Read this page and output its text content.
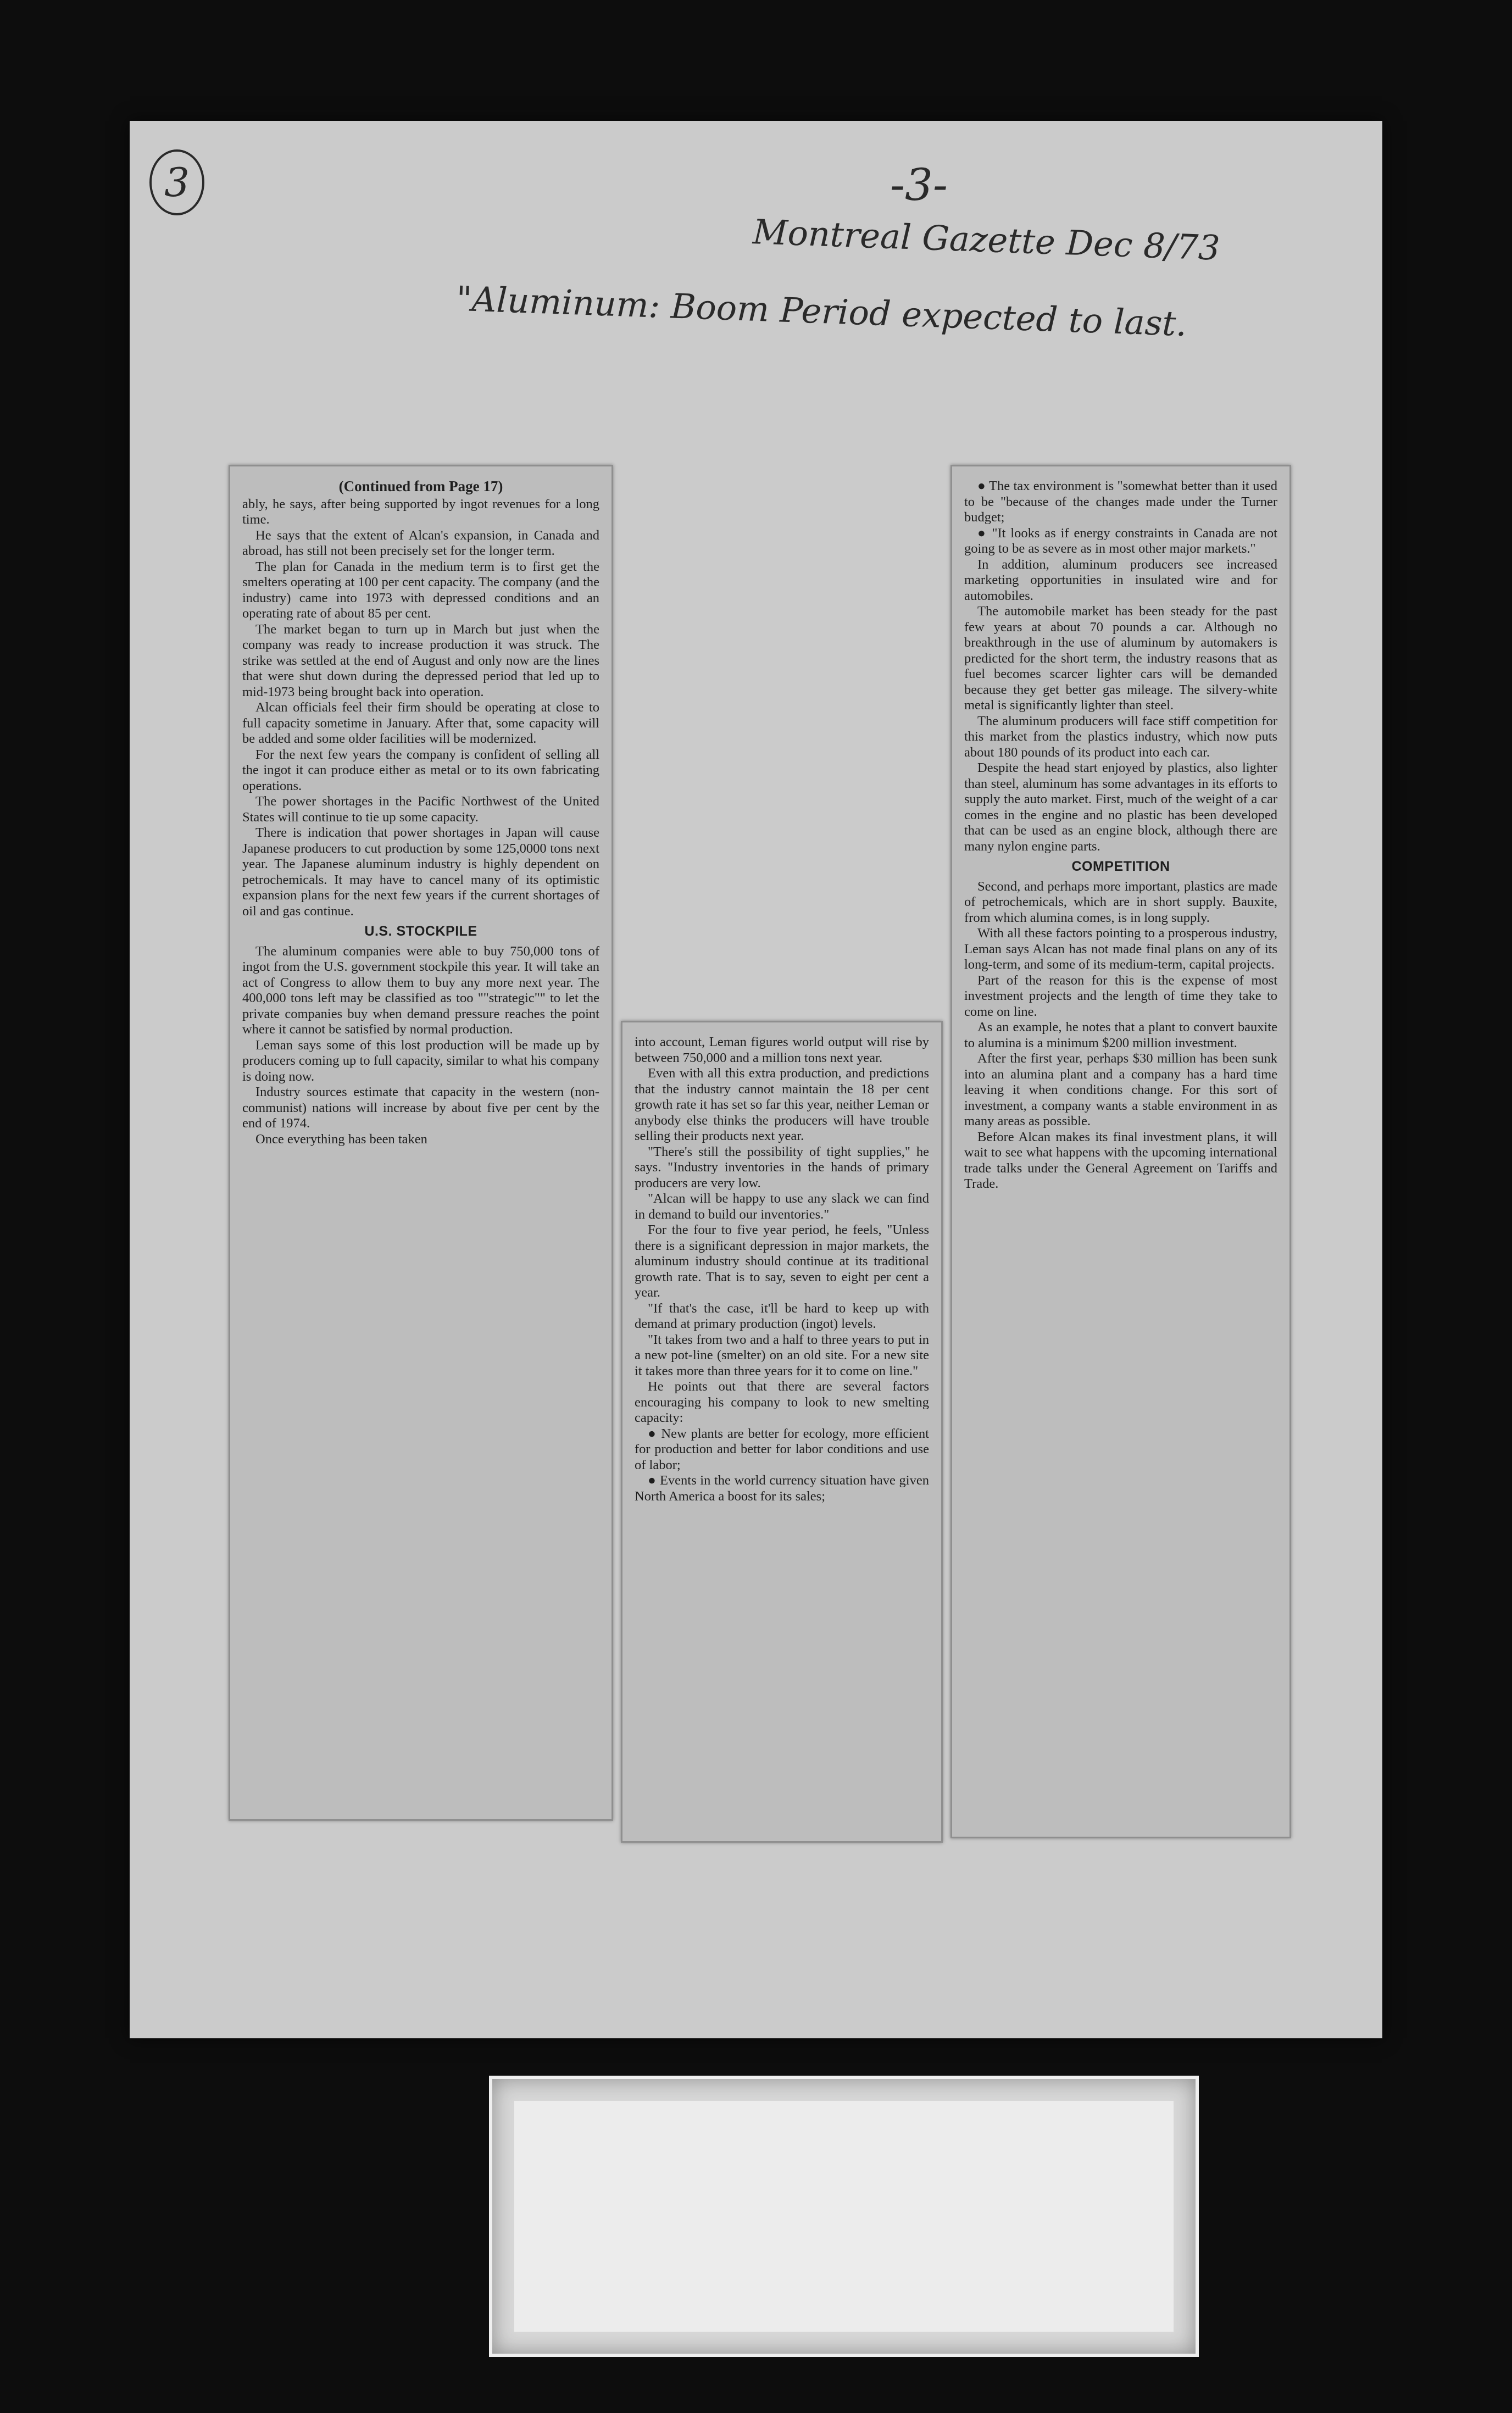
3	-3-
Montreal Gazette Dec 8/73
"Aluminum: Boom Period expected to last.

(Continued from Page 17)

ably, he says, after being supported by ingot revenues for a long time.

He says that the extent of Alcan's expansion, in Canada and abroad, has still not been precisely set for the longer term.

The plan for Canada in the medium term is to first get the smelters operating at 100 per cent capacity. The company (and the industry) came into 1973 with depressed conditions and an operating rate of about 85 per cent.

The market began to turn up in March but just when the company was ready to increase production it was struck. The strike was settled at the end of August and only now are the lines that were shut down during the depressed period that led up to mid-1973 being brought back into operation.

Alcan officials feel their firm should be operating at close to full capacity sometime in January. After that, some capacity will be added and some older facilities will be modernized.

For the next few years the company is confident of selling all the ingot it can produce either as metal or to its own fabricating operations.

The power shortages in the Pacific Northwest of the United States will continue to tie up some capacity.

There is indication that power shortages in Japan will cause Japanese producers to cut production by some 125,0000 tons next year. The Japanese aluminum industry is highly dependent on petrochemicals. It may have to cancel many of its optimistic expansion plans for the next few years if the current shortages of oil and gas continue.

U.S. STOCKPILE

The aluminum companies were able to buy 750,000 tons of ingot from the U.S. government stockpile this year. It will take an act of Congress to allow them to buy any more next year. The 400,000 tons left may be classified as too ""strategic"" to let the private companies buy when demand pressure reaches the point where it cannot be satisfied by normal production.

Leman says some of this lost production will be made up by producers coming up to full capacity, similar to what his company is doing now.

Industry sources estimate that capacity in the western (non-communist) nations will increase by about five per cent by the end of 1974.

Once everything has been taken

into account, Leman figures world output will rise by between 750,000 and a million tons next year.

Even with all this extra production, and predictions that the industry cannot maintain the 18 per cent growth rate it has set so far this year, neither Leman or anybody else thinks the producers will have trouble selling their products next year.

"There's still the possibility of tight supplies," he says. "Industry inventories in the hands of primary producers are very low.

"Alcan will be happy to use any slack we can find in demand to build our inventories."

For the four to five year period, he feels, "Unless there is a significant depression in major markets, the aluminum industry should continue at its traditional growth rate. That is to say, seven to eight per cent a year.

"If that's the case, it'll be hard to keep up with demand at primary production (ingot) levels.

"It takes from two and a half to three years to put in a new pot-line (smelter) on an old site. For a new site it takes more than three years for it to come on line."

He points out that there are several factors encouraging his company to look to new smelting capacity:

● New plants are better for ecology, more efficient for production and better for labor conditions and use of labor;

● Events in the world currency situation have given North America a boost for its sales;

● The tax environment is "somewhat better than it used to be "because of the changes made under the Turner budget;

● "It looks as if energy constraints in Canada are not going to be as severe as in most other major markets."

In addition, aluminum producers see increased marketing opportunities in insulated wire and for automobiles.

The automobile market has been steady for the past few years at about 70 pounds a car. Although no breakthrough in the use of aluminum by automakers is predicted for the short term, the industry reasons that as fuel becomes scarcer lighter cars will be demanded because they get better gas mileage. The silvery-white metal is significantly lighter than steel.

The aluminum producers will face stiff competition for this market from the plastics industry, which now puts about 180 pounds of its product into each car.

Despite the head start enjoyed by plastics, also lighter than steel, aluminum has some advantages in its efforts to supply the auto market. First, much of the weight of a car comes in the engine and no plastic has been developed that can be used as an engine block, although there are many nylon engine parts.

COMPETITION

Second, and perhaps more important, plastics are made of petrochemicals, which are in short supply. Bauxite, from which alumina comes, is in long supply.

With all these factors pointing to a prosperous industry, Leman says Alcan has not made final plans on any of its long-term, and some of its medium-term, capital projects.

Part of the reason for this is the expense of most investment projects and the length of time they take to come on line.

As an example, he notes that a plant to convert bauxite to alumina is a minimum $200 million investment.

After the first year, perhaps $30 million has been sunk into an alumina plant and a company has a hard time leaving it when conditions change. For this sort of investment, a company wants a stable environment in as many areas as possible.

Before Alcan makes its final investment plans, it will wait to see what happens with the upcoming international trade talks under the General Agreement on Tariffs and Trade.
